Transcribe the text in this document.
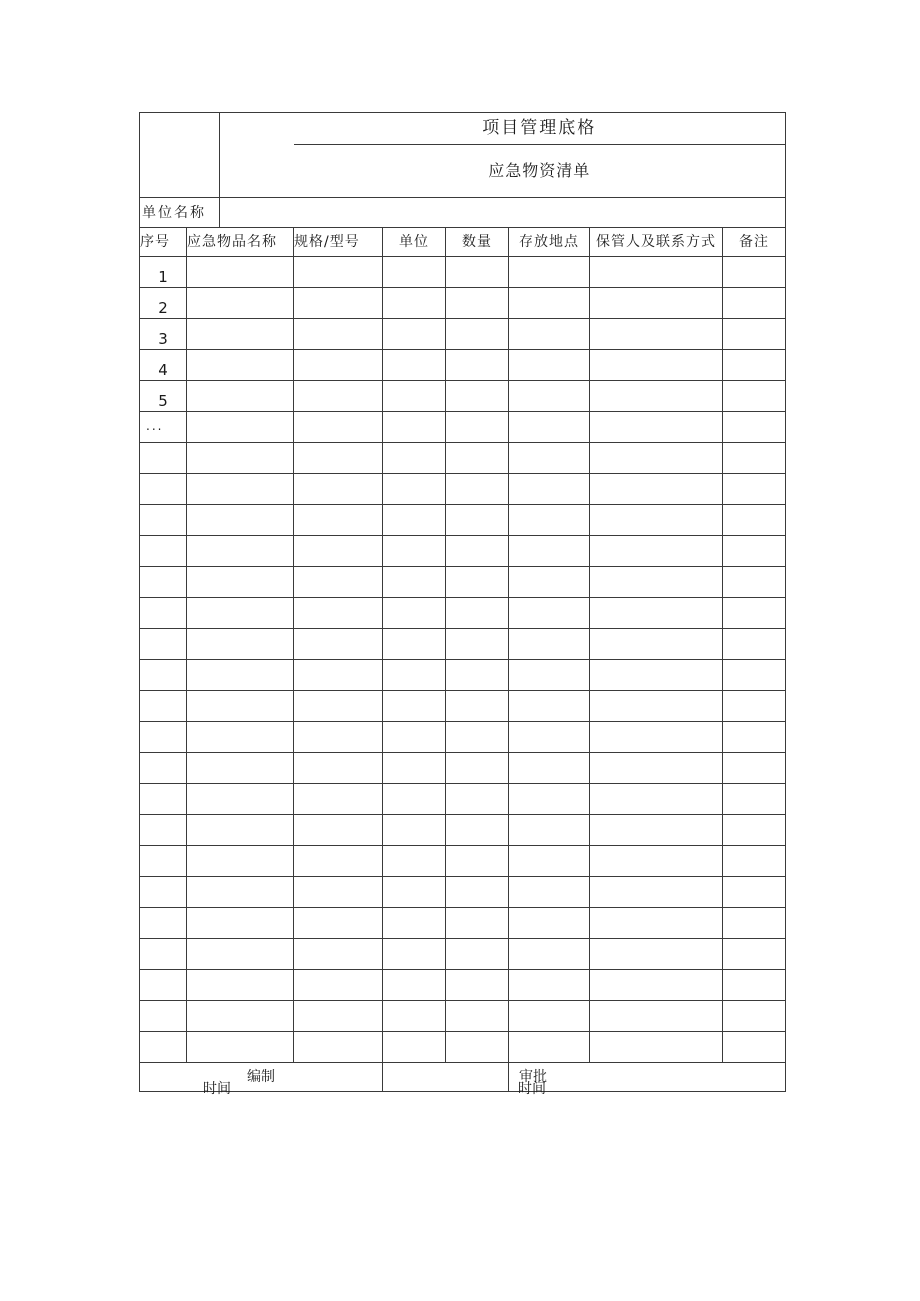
		项目管理底格					
		应急物资清单					
单位名称						

序号	应急物品名称	规格/型号	单位	数量	存放地点	保管人及联系方式	备注
1							
2							
3							
4							
5							
...							

编制					审批		
时间	时间
